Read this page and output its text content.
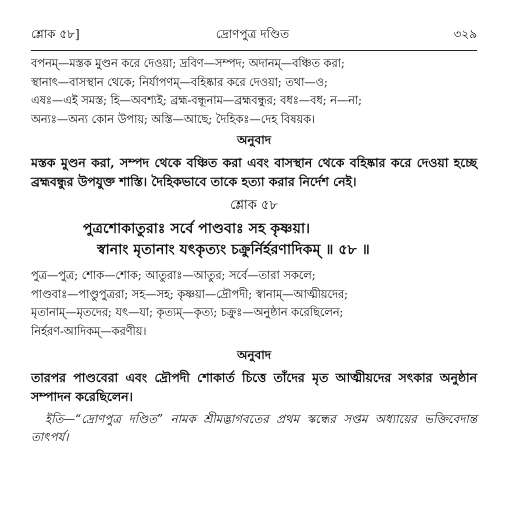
শ্লোক ৫৮]	৩২৯
দ্রোণপুত্র দণ্ডিত
বপনম্—মস্তক মুণ্ডন করে দেওয়া; দ্রবিণ—সম্পদ; অদানম্—বঞ্চিত করা;
স্থানাৎ—বাসস্থান থেকে; নির্যাপণম্—বহিষ্কার করে দেওয়া; তথা—ও;
এষঃ—এই সমস্ত; হি—অবশ্যই; ব্রহ্ম-বন্ধূনাম—ব্রহ্মবন্ধুর; বধঃ—বধ; ন—না;
অন্যঃ—অন্য কোন উপায়; অস্তি—আছে; দৈহিকঃ—দেহ বিষয়ক।
অনুবাদ
মস্তক মুণ্ডন করা, সম্পদ থেকে বঞ্চিত করা এবং বাসস্থান থেকে বহিষ্কার করে দেওয়া হচ্ছে ব্রহ্মবন্ধুর উপযুক্ত শাস্তি। দৈহিকভাবে তাকে হত্যা করার নির্দেশ নেই।
শ্লোক ৫৮
পুত্রশোকাতুরাঃ সর্বে পাণ্ডবাঃ সহ কৃষ্ণয়া।
স্বানাং মৃতানাং যৎকৃত্যং চক্রুর্নির্হরণাদিকম্ ॥ ৫৮ ॥
পুত্র—পুত্র; শোক—শোক; আতুরাঃ—আতুর; সর্বে—তারা সকলে;
পাণ্ডবাঃ—পাণ্ডুপুত্ররা; সহ—সহ; কৃষ্ণয়া—দ্রৌপদী; স্বানাম্—আত্মীয়দের;
মৃতানাম্—মৃতদের; যৎ—যা; কৃত্যম্—কৃত্য; চক্রুঃ—অনুষ্ঠান করেছিলেন;
নির্হরণ-আদিকম্—করণীয়।
অনুবাদ
তারপর পাণ্ডবেরা এবং দ্রৌপদী শোকার্ত চিত্তে তাঁদের মৃত আত্মীয়দের সৎকার অনুষ্ঠান সম্পাদন করেছিলেন।
ইতি—“দ্রোণপুত্র দণ্ডিত” নামক শ্রীমদ্ভাগবতের প্রথম স্কন্ধের সপ্তম অধ্যায়ের ভক্তিবেদান্ত তাৎপর্য।
